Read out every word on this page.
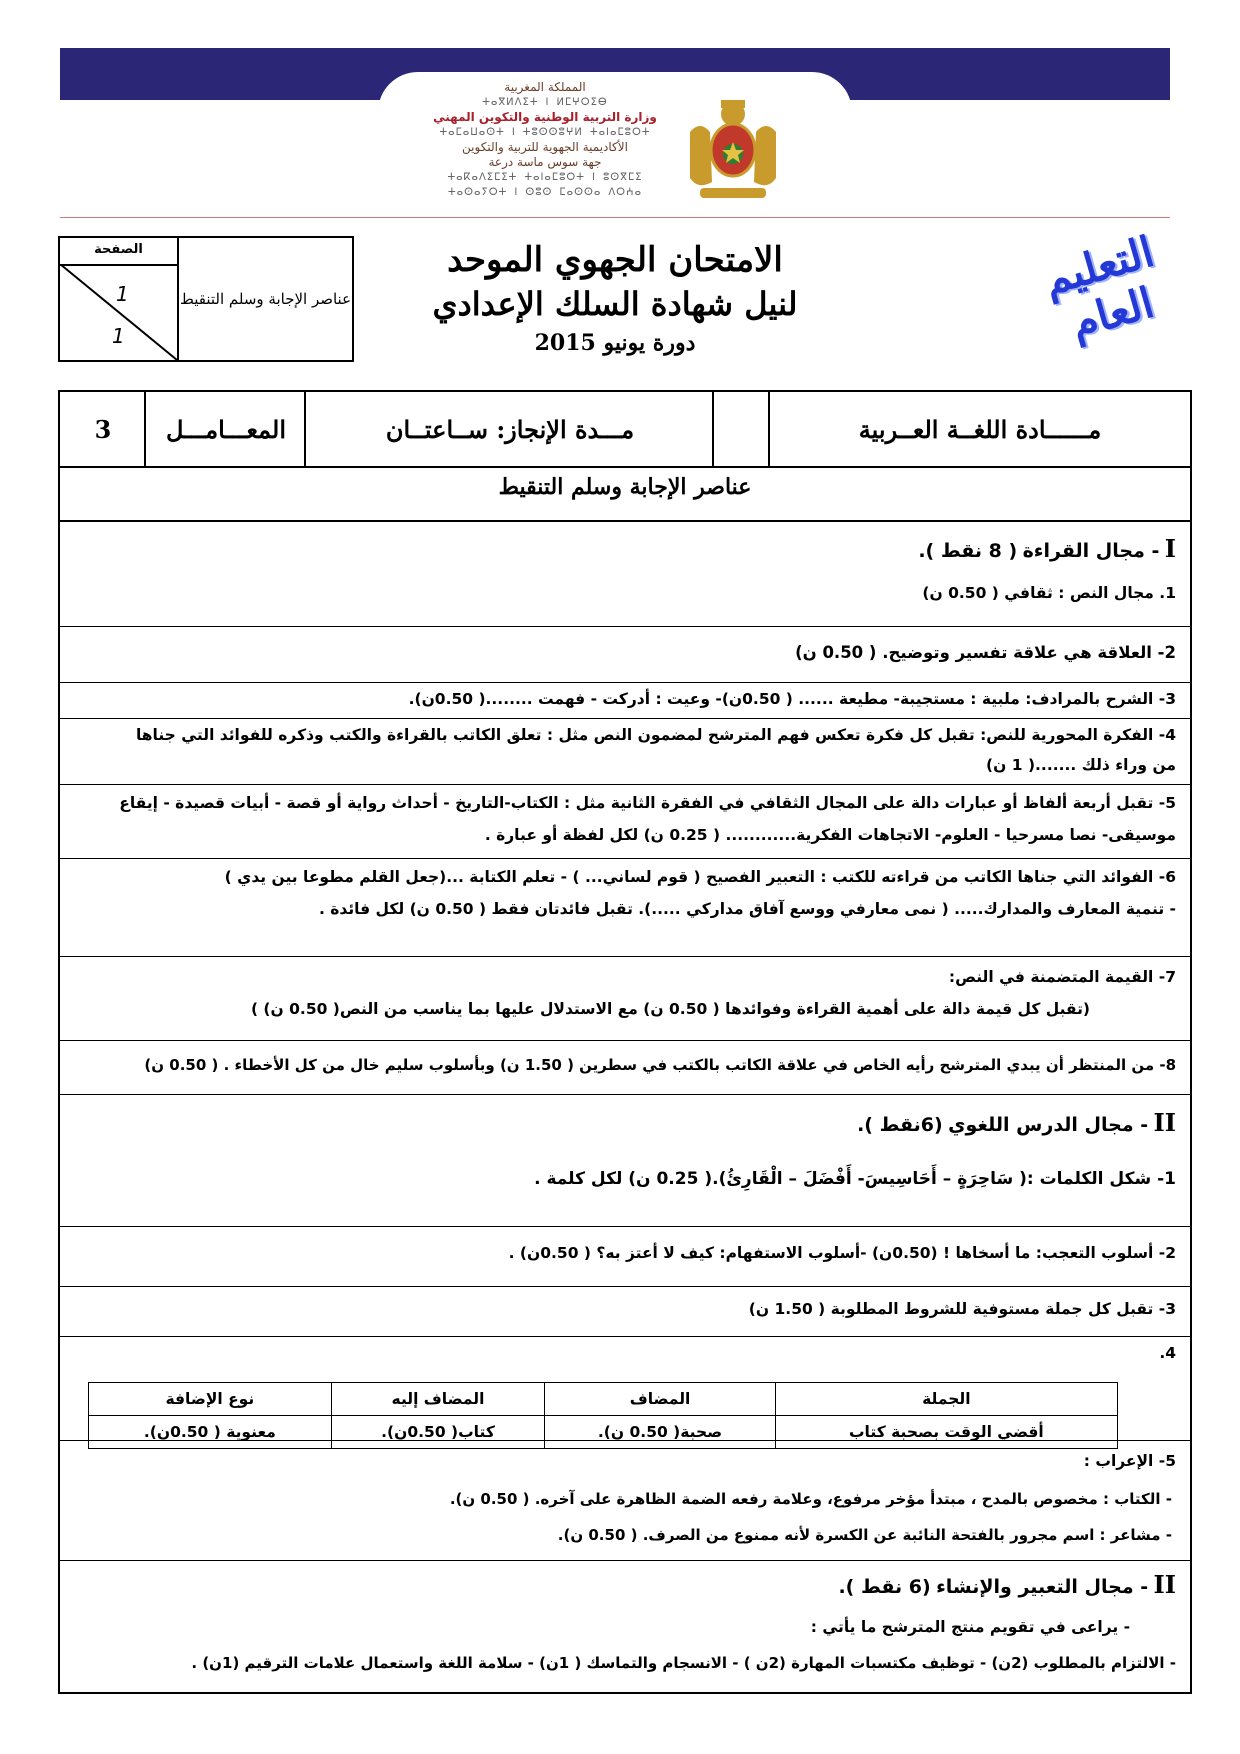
المملكة المغربية
ⵜⴰⴳⵍⴷⵉⵜ ⵏ ⵍⵎⵖⵔⵉⴱ
وزارة التربية الوطنية والتكوين المهني
ⵜⴰⵎⴰⵡⴰⵙⵜ ⵏ ⵜⵓⵙⵙⵓⵖⵍ ⵜⴰⵏⴰⵎⵓⵔⵜ
الأكاديمية الجهوية للتربية والتكوين
جهة سوس ماسة درعة
ⵜⴰⴽⴰⴷⵉⵎⵉⵜ ⵜⴰⵏⴰⵎⵓⵔⵜ ⵏ ⵓⵙⴳⵎⵉ
ⵜⴰⵙⴰⵢⵔⵜ ⵏ ⵙⵓⵙ ⵎⴰⵙⵙⴰ ⴷⵔⵄⴰ
عناصر الإجابة وسلم التنقيط
الصفحة
1
1
الامتحان الجهوي الموحد
لنيل شهادة السلك الإعدادي
دورة يونيو 2015
التعليم العام
مــــــادة اللغــة العــربية
مـــدة الإنجاز: ســاعتــان
المعـــامـــل
3
عناصر الإجابة وسلم التنقيط
I - مجال القراءة ( 8 نقط ).
1. مجال النص : ثقافي ( 0.50 ن)
2- العلاقة هي علاقة تفسير وتوضيح. ( 0.50 ن)
3- الشرح بالمرادف: ملبية : مستجيبة- مطيعة ...... ( 0.50ن)- وعيت : أدركت - فهمت ........( 0.50ن).
4- الفكرة المحورية للنص: تقبل كل فكرة تعكس فهم المترشح لمضمون النص مثل : تعلق الكاتب بالقراءة والكتب وذكره للفوائد التي جناها
من وراء ذلك .......( 1 ن)
5- تقبل أربعة ألفاظ أو عبارات دالة على المجال الثقافي في الفقرة الثانية مثل : الكتاب-التاريخ - أحداث رواية أو قصة - أبيات قصيدة - إيقاع
موسيقى- نصا مسرحيا - العلوم- الاتجاهات الفكرية............ ( 0.25 ن) لكل لفظة أو عبارة .
6- الفوائد التي جناها الكاتب من قراءته للكتب : التعبير الفصيح ( قوم لساني... ) - تعلم الكتابة ...(جعل القلم مطوعا بين يدي )
- تنمية المعارف والمدارك..... ( نمى معارفي ووسع آفاق مداركي .....). تقبل فائدتان فقط ( 0.50 ن) لكل فائدة .
7- القيمة المتضمنة في النص:
(تقبل كل قيمة دالة على أهمية القراءة وفوائدها ( 0.50 ن) مع الاستدلال عليها بما يناسب من النص( 0.50 ن) )
8- من المنتظر أن يبدي المترشح رأيه الخاص في علاقة الكاتب بالكتب في سطرين ( 1.50 ن) وبأسلوب سليم خال من كل الأخطاء . ( 0.50 ن)
II - مجال الدرس اللغوي (6نقط ).
1- شكل الكلمات :( سَاحِرَةٍ – أَحَاسِيسَ- أَفْضَلَ – الْقَارِئُ).( 0.25 ن) لكل كلمة .
2- أسلوب التعجب: ما أسخاها ! (0.50ن) -أسلوب الاستفهام: كيف لا أعتز به؟ ( 0.50ن) .
3- تقبل كل جملة مستوفية للشروط المطلوبة ( 1.50 ن)
4.
5- الإعراب :
- الكتاب : مخصوص بالمدح ، مبتدأ مؤخر مرفوع، وعلامة رفعه الضمة الظاهرة على آخره. ( 0.50 ن).
- مشاعر : اسم مجرور بالفتحة النائبة عن الكسرة لأنه ممنوع من الصرف. ( 0.50 ن).
II - مجال التعبير والإنشاء (6 نقط ).
- يراعى في تقويم منتج المترشح ما يأتي :
- الالتزام بالمطلوب (2ن) - توظيف مكتسبات المهارة (2ن ) - الانسجام والتماسك ( 1ن) - سلامة اللغة واستعمال علامات الترقيم (1ن) .
الجملة	المضاف	المضاف إليه	نوع الإضافة
أقضي الوقت بصحبة كتاب	صحبة( 0.50 ن).	كتاب( 0.50ن).	معنوية ( 0.50ن).
